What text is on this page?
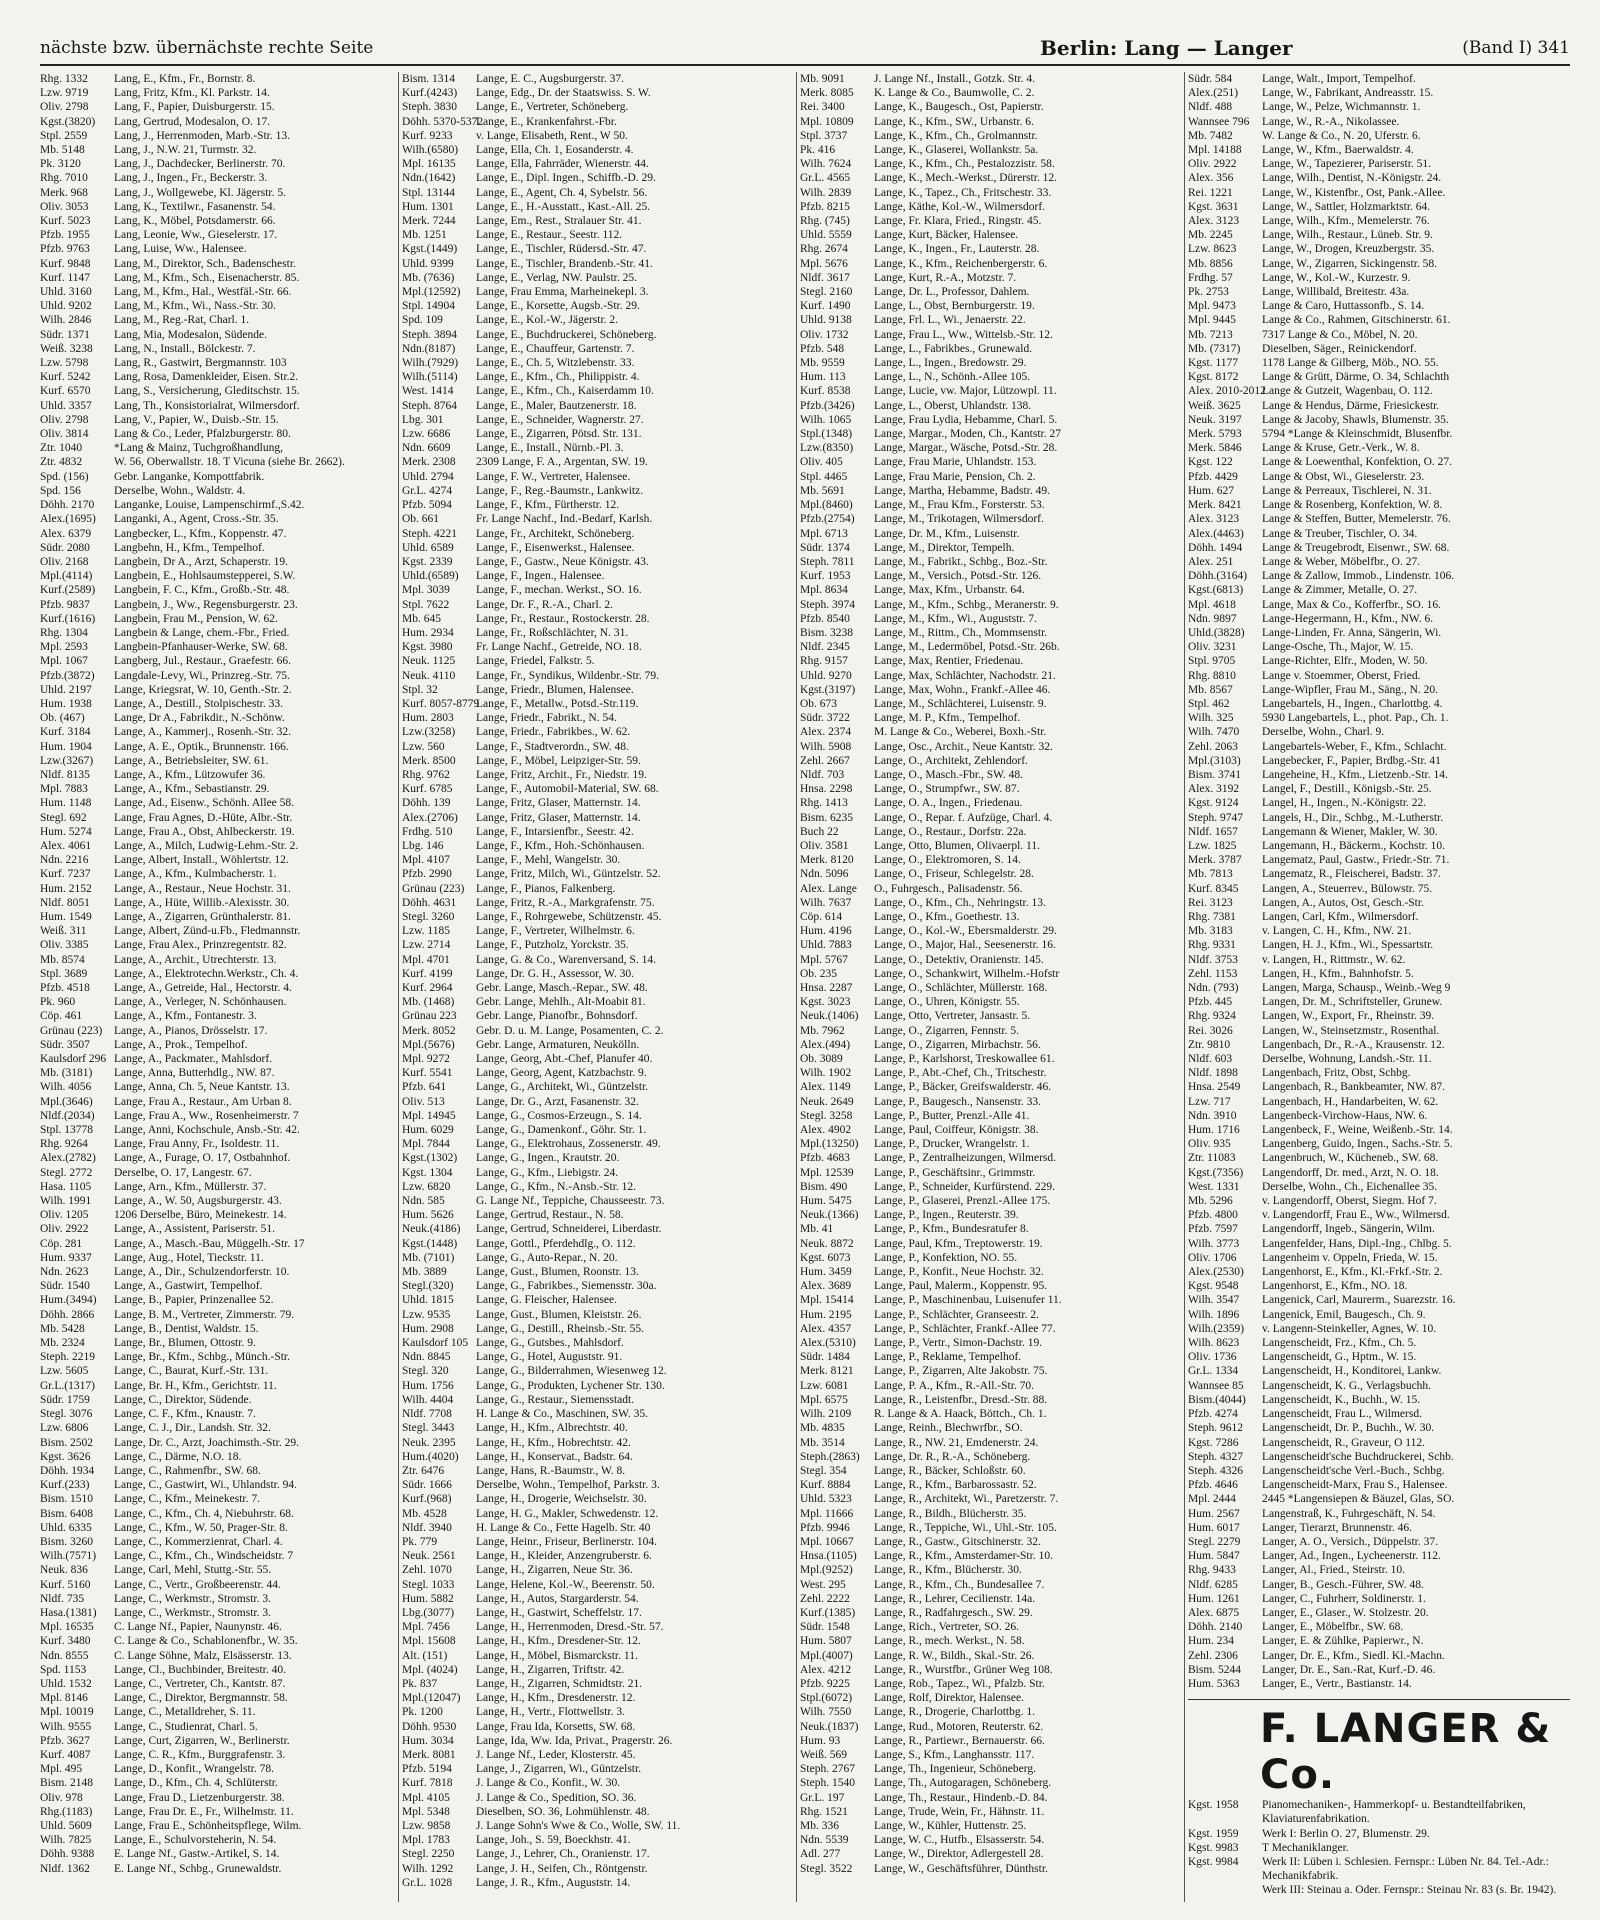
nächste bzw. übernächste rechte Seite	Berlin: Lang — Langer	(Band I) 341
Rhg. 1332	Lang, E., Kfm., Fr., Bornstr. 8.
Lzw. 9719	Lang, Fritz, Kfm., Kl. Parkstr. 14.
Oliv. 2798	Lang, F., Papier, Duisburgerstr. 15.
Kgst.(3820)	Lang, Gertrud, Modesalon, O. 17.
Stpl. 2559	Lang, J., Herrenmoden, Marb.-Str. 13.
Mb. 5148	Lang, J., N.W. 21, Turmstr. 32.
Pk. 3120	Lang, J., Dachdecker, Berlinerstr. 70.
Rhg. 7010	Lang, J., Ingen., Fr., Beckerstr. 3.
Merk. 968	Lang, J., Wollgewebe, Kl. Jägerstr. 5.
Oliv. 3053	Lang, K., Textilwr., Fasanenstr. 54.
Kurf. 5023	Lang, K., Möbel, Potsdamerstr. 66.
Pfzb. 1955	Lang, Leonie, Ww., Gieselerstr. 17.
Pfzb. 9763	Lang, Luise, Ww., Halensee.
Kurf. 9848	Lang, M., Direktor, Sch., Badenschestr.
Kurf. 1147	Lang, M., Kfm., Sch., Eisenacherstr. 85.
Uhld. 3160	Lang, M., Kfm., Hal., Westfäl.-Str. 66.
Uhld. 9202	Lang, M., Kfm., Wi., Nass.-Str. 30.
Wilh. 2846	Lang, M., Reg.-Rat, Charl. 1.
Südr. 1371	Lang, Mia, Modesalon, Südende.
Weiß. 3238	Lang, N., Install., Bölckestr. 7.
Lzw. 5798	Lang, R., Gastwirt, Bergmannstr. 103
Kurf. 5242	Lang, Rosa, Damenkleider, Eisen. Str.2.
Kurf. 6570	Lang, S., Versicherung, Gleditschstr. 15.
Uhld. 3357	Lang, Th., Konsistorialrat, Wilmersdorf.
Oliv. 2798	Lang, V., Papier, W., Duisb.-Str. 15.
Oliv. 3814	Lang & Co., Leder, Pfalzburgerstr. 80.
Ztr. 1040	*Lang & Mainz, Tuchgroßhandlung,
Ztr. 4832	W. 56, Oberwallstr. 18. T Vicuna (siehe Br. 2662).
Spd. (156)	Gebr. Langanke, Kompottfabrik.
Spd. 156	Derselbe, Wohn., Waldstr. 4.
Döhh. 2170	Langanke, Louise, Lampenschirmf.,S.42.
Alex.(1695)	Langanki, A., Agent, Cross.-Str. 35.
Alex. 6379	Langbecker, L., Kfm., Koppenstr. 47.
Südr. 2080	Langbehn, H., Kfm., Tempelhof.
Oliv. 2168	Langbein, Dr A., Arzt, Schaperstr. 19.
Mpl.(4114)	Langbein, E., Hohlsaumstepperei, S.W.
Kurf.(2589)	Langbein, F. C., Kfm., Großb.-Str. 48.
Pfzb. 9837	Langbein, J., Ww., Regensburgerstr. 23.
Kurf.(1616)	Langbein, Frau M., Pension, W. 62.
Rhg. 1304	Langbein & Lange, chem.-Fbr., Fried.
Mpl. 2593	Langbein-Pfanhauser-Werke, SW. 68.
Mpl. 1067	Langberg, Jul., Restaur., Graefestr. 66.
Pfzb.(3872)	Langdale-Levy, Wi., Prinzreg.-Str. 75.
Uhld. 2197	Lange, Kriegsrat, W. 10, Genth.-Str. 2.
Hum. 1938	Lange, A., Destill., Stolpischestr. 33.
Ob. (467)	Lange, Dr A., Fabrikdir., N.-Schönw.
Kurf. 3184	Lange, A., Kammerj., Rosenh.-Str. 32.
Hum. 1904	Lange, A. E., Optik., Brunnenstr. 166.
Lzw.(3267)	Lange, A., Betriebsleiter, SW. 61.
Nldf. 8135	Lange, A., Kfm., Lützowufer 36.
Mpl. 7883	Lange, A., Kfm., Sebastianstr. 29.
Hum. 1148	Lange, Ad., Eisenw., Schönh. Allee 58.
Stegl. 692	Lange, Frau Agnes, D.-Hüte, Albr.-Str.
Hum. 5274	Lange, Frau A., Obst, Ahlbeckerstr. 19.
Alex. 4061	Lange, A., Milch, Ludwig-Lehm.-Str. 2.
Ndn. 2216	Lange, Albert, Install., Wöhlertstr. 12.
Kurf. 7237	Lange, A., Kfm., Kulmbacherstr. 1.
Hum. 2152	Lange, A., Restaur., Neue Hochstr. 31.
Nldf. 8051	Lange, A., Hüte, Willib.-Alexisstr. 30.
Hum. 1549	Lange, A., Zigarren, Grünthalerstr. 81.
Weiß. 311	Lange, Albert, Zünd-u.Fb., Fledmannstr.
Oliv. 3385	Lange, Frau Alex., Prinzregentstr. 82.
Mb. 8574	Lange, A., Archit., Utrechterstr. 13.
Stpl. 3689	Lange, A., Elektrotechn.Werkstr., Ch. 4.
Pfzb. 4518	Lange, A., Getreide, Hal., Hectorstr. 4.
Pk. 960	Lange, A., Verleger, N. Schönhausen.
Cöp. 461	Lange, A., Kfm., Fontanestr. 3.
Grünau (223)	Lange, A., Pianos, Drösselstr. 17.
Südr. 3507	Lange, A., Prok., Tempelhof.
Kaulsdorf 296 Lange, A., Packmater., Mahlsdorf.
Mb. (3181)	Lange, Anna, Butterhdlg., NW. 87.
Wilh. 4056	Lange, Anna, Ch. 5, Neue Kantstr. 13.
Mpl.(3646)	Lange, Frau A., Restaur., Am Urban 8.
Nldf.(2034)	Lange, Frau A., Ww., Rosenheimerstr. 7
Stpl. 13778	Lange, Anni, Kochschule, Ansb.-Str. 42.
Rhg. 9264	Lange, Frau Anny, Fr., Isoldestr. 11.
Alex.(2782)	Lange, A., Furage, O. 17, Ostbahnhof.
Stegl. 2772	Derselbe, O. 17, Langestr. 67.
Hasa. 1105	Lange, Arn., Kfm., Müllerstr. 37.
Wilh. 1991	Lange, A., W. 50, Augsburgerstr. 43.
Oliv. 1205	1206 Derselbe, Büro, Meinekestr. 14.
Oliv. 2922	Lange, A., Assistent, Pariserstr. 51.
Cöp. 281	Lange, A., Masch.-Bau, Müggelh.-Str. 17
Hum. 9337	Lange, Aug., Hotel, Tieckstr. 11.
Ndn. 2623	Lange, A., Dir., Schulzendorferstr. 10.
Südr. 1540	Lange, A., Gastwirt, Tempelhof.
Hum.(3494)	Lange, B., Papier, Prinzenallee 52.
Döhh. 2866	Lange, B. M., Vertreter, Zimmerstr. 79.
Mb. 5428	Lange, B., Dentist, Waldstr. 15.
Mb. 2324	Lange, Br., Blumen, Ottostr. 9.
Steph. 2219	Lange, Br., Kfm., Schbg., Münch.-Str.
Lzw. 5605	Lange, C., Baurat, Kurf.-Str. 131.
Gr.L.(1317)	Lange, Br. H., Kfm., Gerichtstr. 11.
Südr. 1759	Lange, C., Direktor, Südende.
Stegl. 3076	Lange, C. F., Kfm., Knaustr. 7.
Lzw. 6806	Lange, C. J., Dir., Landsh. Str. 32.
Bism. 2502	Lange, Dr. C., Arzt, Joachimsth.-Str. 29.
Kgst. 3626	Lange, C., Därme, N.O. 18.
Döhh. 1934	Lange, C., Rahmenfbr., SW. 68.
Kurf.(233)	Lange, C., Gastwirt, Wi., Uhlandstr. 94.
Bism. 1510	Lange, C., Kfm., Meinekestr. 7.
Bism. 6408	Lange, C., Kfm., Ch. 4, Niebuhrstr. 68.
Uhld. 6335	Lange, C., Kfm., W. 50, Prager-Str. 8.
Bism. 3260	Lange, C., Kommerzienrat, Charl. 4.
Wilh.(7571)	Lange, C., Kfm., Ch., Windscheidstr. 7
Neuk. 836	Lange, Carl, Mehl, Stuttg.-Str. 55.
Kurf. 5160	Lange, C., Vertr., Großbeerenstr. 44.
Nldf. 735	Lange, C., Werkmstr., Stromstr. 3.
Hasa.(1381)	Lange, C., Werkmstr., Stromstr. 3.
Mpl. 16535	C. Lange Nf., Papier, Naunynstr. 46.
Kurf. 3480	C. Lange & Co., Schablonenfbr., W. 35.
Ndn. 8555	C. Lange Söhne, Malz, Elsässerstr. 13.
Spd. 1153	Lange, Cl., Buchbinder, Breitestr. 40.
Uhld. 1532	Lange, C., Vertreter, Ch., Kantstr. 87.
Mpl. 8146	Lange, C., Direktor, Bergmannstr. 58.
Mpl. 10019	Lange, C., Metalldreher, S. 11.
Wilh. 9555	Lange, C., Studienrat, Charl. 5.
Pfzb. 3627	Lange, Curt, Zigarren, W., Berlinerstr.
Kurf. 4087	Lange, C. R., Kfm., Burggrafenstr. 3.
Mpl. 495	Lange, D., Konfit., Wrangelstr. 78.
Bism. 2148	Lange, D., Kfm., Ch. 4, Schlüterstr.
Oliv. 978	Lange, Frau D., Lietzenburgerstr. 38.
Rhg.(1183)	Lange, Frau Dr. E., Fr., Wilhelmstr. 11.
Uhld. 5609	Lange, Frau E., Schönheitspflege, Wilm.
Wilh. 7825	Lange, E., Schulvorsteherin, N. 54.
Döhh. 9388	E. Lange Nf., Gastw.-Artikel, S. 14.
Nldf. 1362	E. Lange Nf., Schbg., Grunewaldstr.
Bism. 1314	Lange, E. C., Augsburgerstr. 37.
Kurf.(4243)	Lange, Edg., Dr. der Staatswiss. S. W.
Steph. 3830	Lange, E., Vertreter, Schöneberg.
Döhh. 5370-5372
Lange, E., Krankenfahrst.-Fbr.
Kurf. 9233	v. Lange, Elisabeth, Rent., W 50.
Wilh.(6580)	Lange, Ella, Ch. 1, Eosanderstr. 4.
Mpl. 16135	Lange, Ella, Fahrräder, Wienerstr. 44.
Ndn.(1642)	Lange, E., Dipl. Ingen., Schiffb.-D. 29.
Stpl. 13144	Lange, E., Agent, Ch. 4, Sybelstr. 56.
Hum. 1301	Lange, E., H.-Ausstatt., Kast.-All. 25.
Merk. 7244	Lange, Em., Rest., Stralauer Str. 41.
Mb. 1251	Lange, E., Restaur., Seestr. 112.
Kgst.(1449)	Lange, E., Tischler, Rüdersd.-Str. 47.
Uhld. 9399	Lange, E., Tischler, Brandenb.-Str. 41.
Mb. (7636)	Lange, E., Verlag, NW. Paulstr. 25.
Mpl.(12592)	Lange, Frau Emma, Marheinekepl. 3.
Stpl. 14904	Lange, E., Korsette, Augsb.-Str. 29.
Spd. 109	Lange, E., Kol.-W., Jägerstr. 2.
Steph. 3894	Lange, E., Buchdruckerei, Schöneberg.
Ndn.(8187)	Lange, E., Chauffeur, Gartenstr. 7.
Wilh.(7929)	Lange, E., Ch. 5, Witzlebenstr. 33.
Wilh.(5114)	Lange, E., Kfm., Ch., Philippistr. 4.
West. 1414	Lange, E., Kfm., Ch., Kaiserdamm 10.
Steph. 8764	Lange, E., Maler, Bautzenerstr. 18.
Lbg. 301	Lange, E., Schneider, Wagnerstr. 27.
Lzw. 6686	Lange, E., Zigarren, Pötsd. Str. 131.
Ndn. 6609	Lange, E., Install., Nürnb.-Pl. 3.
Merk. 2308	2309 Lange, F. A., Argentan, SW. 19.
Uhld. 2794	Lange, F. W., Vertreter, Halensee.
Gr.L. 4274	Lange, F., Reg.-Baumstr., Lankwitz.
Pfzb. 5094	Lange, F., Kfm., Fürtherstr. 12.
Ob. 661	Fr. Lange Nachf., Ind.-Bedarf, Karlsh.
Steph. 4221	Lange, Fr., Architekt, Schöneberg.
Uhld. 6589	Lange, F., Eisenwerkst., Halensee.
Kgst. 2339	Lange, F., Gastw., Neue Königstr. 43.
Uhld.(6589)	Lange, F., Ingen., Halensee.
Mpl. 3039	Lange, F., mechan. Werkst., SO. 16.
Stpl. 7622	Lange, Dr. F., R.-A., Charl. 2.
Mb. 645	Lange, Fr., Restaur., Rostockerstr. 28.
Hum. 2934	Lange, Fr., Roßschlächter, N. 31.
Kgst. 3980	Fr. Lange Nachf., Getreide, NO. 18.
Neuk. 1125	Lange, Friedel, Falkstr. 5.
Neuk. 4110	Lange, Fr., Syndikus, Wildenbr.-Str. 79.
Stpl. 32	Lange, Friedr., Blumen, Halensee.
Kurf. 8057-8779
Lange, F., Metallw., Potsd.-Str.119.
Hum. 2803	Lange, Friedr., Fabrikt., N. 54.
Lzw.(3258)	Lange, Friedr., Fabrikbes., W. 62.
Lzw. 560	Lange, F., Stadtverordn., SW. 48.
Merk. 8500	Lange, F., Möbel, Leipziger-Str. 59.
Rhg. 9762	Lange, Fritz, Archit., Fr., Niedstr. 19.
Kurf. 6785	Lange, F., Automobil-Material, SW. 68.
Döhh. 139	Lange, Fritz, Glaser, Matternstr. 14.
Alex.(2706)	Lange, Fritz, Glaser, Matternstr. 14.
Frdhg. 510	Lange, F., Intarsienfbr., Seestr. 42.
Lbg. 146	Lange, F., Kfm., Hoh.-Schönhausen.
Mpl. 4107	Lange, F., Mehl, Wangelstr. 30.
Pfzb. 2990	Lange, Fritz, Milch, Wi., Güntzelstr. 52.
Grünau (223)	Lange, F., Pianos, Falkenberg.
Döhh. 4631	Lange, Fritz, R.-A., Markgrafenstr. 75.
Stegl. 3260	Lange, F., Rohrgewebe, Schützenstr. 45.
Lzw. 1185	Lange, F., Vertreter, Wilhelmstr. 6.
Lzw. 2714	Lange, F., Putzholz, Yorckstr. 35.
Mpl. 4701	Lange, G. & Co., Warenversand, S. 14.
Kurf. 4199	Lange, Dr. G. H., Assessor, W. 30.
Kurf. 2964	Gebr. Lange, Masch.-Repar., SW. 48.
Mb. (1468)	Gebr. Lange, Mehlh., Alt-Moabit 81.
Grünau 223	Gebr. Lange, Pianofbr., Bohnsdorf.
Merk. 8052	Gebr. D. u. M. Lange, Posamenten, C. 2.
Mpl.(5676)	Gebr. Lange, Armaturen, Neukölln.
Mpl. 9272	Lange, Georg, Abt.-Chef, Planufer 40.
Kurf. 5541	Lange, Georg, Agent, Katzbachstr. 9.
Pfzb. 641	Lange, G., Architekt, Wi., Güntzelstr.
Oliv. 513	Lange, Dr. G., Arzt, Fasanenstr. 32.
Mpl. 14945	Lange, G., Cosmos-Erzeugn., S. 14.
Hum. 6029	Lange, G., Damenkonf., Göhr. Str. 1.
Mpl. 7844	Lange, G., Elektrohaus, Zossenerstr. 49.
Kgst.(1302)	Lange, G., Ingen., Krautstr. 20.
Kgst. 1304	Lange, G., Kfm., Liebigstr. 24.
Lzw. 6820	Lange, G., Kfm., N.-Ansb.-Str. 12.
Ndn. 585	G. Lange Nf., Teppiche, Chausseestr. 73.
Hum. 5626	Lange, Gertrud, Restaur., N. 58.
Neuk.(4186)	Lange, Gertrud, Schneiderei, Liberdastr.
Kgst.(1448)	Lange, Gottl., Pferdehdlg., O. 112.
Mb. (7101)	Lange, G., Auto-Repar., N. 20.
Mb. 3889	Lange, Gust., Blumen, Roonstr. 13.
Stegl.(320)	Lange, G., Fabrikbes., Siemensstr. 30a.
Uhld. 1815	Lange, G. Fleischer, Halensee.
Lzw. 9535	Lange, Gust., Blumen, Kleiststr. 26.
Hum. 2908	Lange, G., Destill., Rheinsb.-Str. 55.
Kaulsdorf 105 Lange, G., Gutsbes., Mahlsdorf.
Ndn. 8845	Lange, G., Hotel, Auguststr. 91.
Stegl. 320	Lange, G., Bilderrahmen, Wiesenweg 12.
Hum. 1756	Lange, G., Produkten, Lychener Str. 130.
Wilh. 4404	Lange, G., Restaur., Siemensstadt.
Nldf. 7708	H. Lange & Co., Maschinen, SW. 35.
Stegl. 3443	Lange, H., Kfm., Albrechtstr. 40.
Neuk. 2395	Lange, H., Kfm., Hobrechtstr. 42.
Hum.(4020)	Lange, H., Konservat., Badstr. 64.
Ztr. 6476	Lange, Hans, R.-Baumstr., W. 8.
Südr. 1666	Derselbe, Wohn., Tempelhof, Parkstr. 3.
Kurf.(968)	Lange, H., Drogerie, Weichselstr. 30.
Mb. 4528	Lange, H. G., Makler, Schwedenstr. 12.
Nldf. 3940	H. Lange & Co., Fette Hagelb. Str. 40
Pk. 779	Lange, Heinr., Friseur, Berlinerstr. 104.
Neuk. 2561	Lange, H., Kleider, Anzengruberstr. 6.
Zehl. 1070	Lange, H., Zigarren, Neue Str. 36.
Stegl. 1033	Lange, Helene, Kol.-W., Beerenstr. 50.
Hum. 5882	Lange, H., Autos, Stargarderstr. 54.
Lbg.(3077)	Lange, H., Gastwirt, Scheffelstr. 17.
Mpl. 7456	Lange, H., Herrenmoden, Dresd.-Str. 57.
Mpl. 15608	Lange, H., Kfm., Dresdener-Str. 12.
Alt. (151)	Lange, H., Möbel, Bismarckstr. 11.
Mpl. (4024)	Lange, H., Zigarren, Triftstr. 42.
Pk. 837	Lange, H., Zigarren, Schmidtstr. 21.
Mpl.(12047)	Lange, H., Kfm., Dresdenerstr. 12.
Pk. 1200	Lange, H., Vertr., Flottwellstr. 3.
Döhh. 9530	Lange, Frau Ida, Korsetts, SW. 68.
Hum. 3034	Lange, Ida, Ww. Ida, Privat., Pragerstr. 26.
Merk. 8081	J. Lange Nf., Leder, Klosterstr. 45.
Pfzb. 5194	Lange, J., Zigarren, Wi., Güntzelstr.
Kurf. 7818	J. Lange & Co., Konfit., W. 30.
Mpl. 4105	J. Lange & Co., Spedition, SO. 36.
Mpl. 5348	Dieselben, SO. 36, Lohmühlenstr. 48.
Lzw. 9858	J. Lange Sohn's Wwe & Co., Wolle, SW. 11.
Mpl. 1783	Lange, Joh., S. 59, Boeckhstr. 41.
Stegl. 2250	Lange, J., Lehrer, Ch., Oranienstr. 17.
Wilh. 1292	Lange, J. H., Seifen, Ch., Röntgenstr.
Gr.L. 1028	Lange, J. R., Kfm., Auguststr. 14.
Mb. 9091	J. Lange Nf., Install., Gotzk. Str. 4.
Merk. 8085	K. Lange & Co., Baumwolle, C. 2.
Rei. 3400	Lange, K., Baugesch., Ost, Papierstr.
Mpl. 10809	Lange, K., Kfm., SW., Urbanstr. 6.
Stpl. 3737	Lange, K., Kfm., Ch., Grolmannstr.
Pk. 416	Lange, K., Glaserei, Wollankstr. 5a.
Wilh. 7624	Lange, K., Kfm., Ch., Pestalozzistr. 58.
Gr.L. 4565	Lange, K., Mech.-Werkst., Dürerstr. 12.
Wilh. 2839	Lange, K., Tapez., Ch., Fritschestr. 33.
Pfzb. 8215	Lange, Käthe, Kol.-W., Wilmersdorf.
Rhg. (745)	Lange, Fr. Klara, Fried., Ringstr. 45.
Uhld. 5559	Lange, Kurt, Bäcker, Halensee.
Rhg. 2674	Lange, K., Ingen., Fr., Lauterstr. 28.
Mpl. 5676	Lange, K., Kfm., Reichenbergerstr. 6.
Nldf. 3617	Lange, Kurt, R.-A., Motzstr. 7.
Stegl. 2160	Lange, Dr. L., Professor, Dahlem.
Kurf. 1490	Lange, L., Obst, Bernburgerstr. 19.
Uhld. 9138	Lange, Frl. L., Wi., Jenaerstr. 22.
Oliv. 1732	Lange, Frau L., Ww., Wittelsb.-Str. 12.
Pfzb. 548	Lange, L., Fabrikbes., Grunewald.
Mb. 9559	Lange, L., Ingen., Bredowstr. 29.
Hum. 113	Lange, L., N., Schönh.-Allee 105.
Kurf. 8538	Lange, Lucie, vw. Major, Lützowpl. 11.
Pfzb.(3426)	Lange, L., Oberst, Uhlandstr. 138.
Wilh. 1065	Lange, Frau Lydia, Hebamme, Charl. 5.
Stpl.(1348)	Lange, Margar., Moden, Ch., Kantstr. 27
Lzw.(8350)	Lange, Margar., Wäsche, Potsd.-Str. 28.
Oliv. 405	Lange, Frau Marie, Uhlandstr. 153.
Stpl. 4465	Lange, Frau Marie, Pension, Ch. 2.
Mb. 5691	Lange, Martha, Hebamme, Badstr. 49.
Mpl.(8460)	Lange, M., Frau Kfm., Forsterstr. 53.
Pfzb.(2754)	Lange, M., Trikotagen, Wilmersdorf.
Mpl. 6713	Lange, Dr. M., Kfm., Luisenstr.
Südr. 1374	Lange, M., Direktor, Tempelh.
Steph. 7811	Lange, M., Fabrikt., Schbg., Boz.-Str.
Kurf. 1953	Lange, M., Versich., Potsd.-Str. 126.
Mpl. 8634	Lange, Max, Kfm., Urbanstr. 64.
Steph. 3974	Lange, M., Kfm., Schbg., Meranerstr. 9.
Pfzb. 8540	Lange, M., Kfm., Wi., Auguststr. 7.
Bism. 3238	Lange, M., Rittm., Ch., Mommsenstr.
Nldf. 2345	Lange, M., Ledermöbel, Potsd.-Str. 26b.
Rhg. 9157	Lange, Max, Rentier, Friedenau.
Uhld. 9270	Lange, Max, Schlächter, Nachodstr. 21.
Kgst.(3197)	Lange, Max, Wohn., Frankf.-Allee 46.
Ob. 673	Lange, M., Schlächterei, Luisenstr. 9.
Südr. 3722	Lange, M. P., Kfm., Tempelhof.
Alex. 2374	M. Lange & Co., Weberei, Boxh.-Str.
Wilh. 5908	Lange, Osc., Archit., Neue Kantstr. 32.
Zehl. 2667	Lange, O., Architekt, Zehlendorf.
Nldf. 703	Lange, O., Masch.-Fbr., SW. 48.
Hnsa. 2298	Lange, O., Strumpfwr., SW. 87.
Rhg. 1413	Lange, O. A., Ingen., Friedenau.
Bism. 6235	Lange, O., Repar. f. Aufzüge, Charl. 4.
Buch 22	Lange, O., Restaur., Dorfstr. 22a.
Oliv. 3581	Lange, Otto, Blumen, Olivaerpl. 11.
Merk. 8120	Lange, O., Elektromoren, S. 14.
Ndn. 5096	Lange, O., Friseur, Schlegelstr. 28.
Alex. Lange	O., Fuhrgesch., Palisadenstr. 56.
Wilh. 7637	Lange, O., Kfm., Ch., Nehringstr. 13.
Cöp. 614	Lange, O., Kfm., Goethestr. 13.
Hum. 4196	Lange, O., Kol.-W., Ebersmalderstr. 29.
Uhld. 7883	Lange, O., Major, Hal., Seesenerstr. 16.
Mpl. 5767	Lange, O., Detektiv, Oranienstr. 145.
Ob. 235	Lange, O., Schankwirt, Wilhelm.-Hofstr
Hnsa. 2287	Lange, O., Schlächter, Müllerstr. 168.
Kgst. 3023	Lange, O., Uhren, Königstr. 55.
Neuk.(1406)	Lange, Otto, Vertreter, Jansastr. 5.
Mb. 7962	Lange, O., Zigarren, Fennstr. 5.
Alex.(494)	Lange, O., Zigarren, Mirbachstr. 56.
Ob. 3089	Lange, P., Karlshorst, Treskowallee 61.
Wilh. 1902	Lange, P., Abt.-Chef, Ch., Tritschestr.
Alex. 1149	Lange, P., Bäcker, Greifswalderstr. 46.
Neuk. 2649	Lange, P., Baugesch., Nansenstr. 33.
Stegl. 3258	Lange, P., Butter, Prenzl.-Alle 41.
Alex. 4902	Lange, Paul, Coiffeur, Königstr. 38.
Mpl.(13250)	Lange, P., Drucker, Wrangelstr. 1.
Pfzb. 4683	Lange, P., Zentralheizungen, Wilmersd.
Mpl. 12539	Lange, P., Geschäftsinr., Grimmstr.
Bism. 490	Lange, P., Schneider, Kurfürstend. 229.
Hum. 5475	Lange, P., Glaserei, Prenzl.-Allee 175.
Neuk.(1366)	Lange, P., Ingen., Reuterstr. 39.
Mb. 41	Lange, P., Kfm., Bundesratufer 8.
Neuk. 8872	Lange, Paul, Kfm., Treptowerstr. 19.
Kgst. 6073	Lange, P., Konfektion, NO. 55.
Hum. 3459	Lange, P., Konfit., Neue Hochstr. 32.
Alex. 3689	Lange, Paul, Malerm., Koppenstr. 95.
Mpl. 15414	Lange, P., Maschinenbau, Luisenufer 11.
Hum. 2195	Lange, P., Schlächter, Granseestr. 2.
Alex. 4357	Lange, P., Schlächter, Frankf.-Allee 77.
Alex.(5310)	Lange, P., Vertr., Simon-Dachstr. 19.
Südr. 1484	Lange, P., Reklame, Tempelhof.
Merk. 8121	Lange, P., Zigarren, Alte Jakobstr. 75.
Lzw. 6081	Lange, P. A., Kfm., R.-All.-Str. 70.
Mpl. 6575	Lange, R., Leistenfbr., Dresd.-Str. 88.
Wilh. 2109	R. Lange & A. Haack, Böttch., Ch. 1.
Mb. 4835	Lange, Reinh., Blechwrfbr., SO.
Mb. 3514	Lange, R., NW. 21, Emdenerstr. 24.
Steph.(2863)	Lange, Dr. R., R.-A., Schöneberg.
Stegl. 354	Lange, R., Bäcker, Schloßstr. 60.
Kurf. 8884	Lange, R., Kfm., Barbarossastr. 52.
Uhld. 5323	Lange, R., Architekt, Wi., Paretzerstr. 7.
Mpl. 11666	Lange, R., Bildh., Blücherstr. 35.
Pfzb. 9946	Lange, R., Teppiche, Wi., Uhl.-Str. 105.
Mpl. 10667	Lange, R., Gastw., Gitschinerstr. 32.
Hnsa.(1105)	Lange, R., Kfm., Amsterdamer-Str. 10.
Mpl.(9252)	Lange, R., Kfm., Blücherstr. 30.
West. 295	Lange, R., Kfm., Ch., Bundesallee 7.
Zehl. 2222	Lange, R., Lehrer, Cecilienstr. 14a.
Kurf.(1385)	Lange, R., Radfahrgesch., SW. 29.
Südr. 1548	Lange, Rich., Vertreter, SO. 26.
Hum. 5807	Lange, R., mech. Werkst., N. 58.
Mpl.(4007)	Lange, R. W., Bildh., Skal.-Str. 26.
Alex. 4212	Lange, R., Wurstfbr., Grüner Weg 108.
Pfzb. 9225	Lange, Rob., Tapez., Wi., Pfalzb. Str.
Stpl.(6072)	Lange, Rolf, Direktor, Halensee.
Wilh. 7550	Lange, R., Drogerie, Charlottbg. 1.
Neuk.(1837)	Lange, Rud., Motoren, Reuterstr. 62.
Hum. 93	Lange, R., Partiewr., Bernauerstr. 66.
Weiß. 569	Lange, S., Kfm., Langhansstr. 117.
Steph. 2767	Lange, Th., Ingenieur, Schöneberg.
Steph. 1540	Lange, Th., Autogaragen, Schöneberg.
Gr.L. 197	Lange, Th., Restaur., Hindenb.-D. 84.
Rhg. 1521	Lange, Trude, Wein, Fr., Hähnstr. 11.
Mb. 336	Lange, W., Kühler, Huttenstr. 25.
Ndn. 5539	Lange, W. C., Hutfb., Elsasserstr. 54.
Adl. 277	Lange, W., Direktor, Adlergestell 28.
Stegl. 3522	Lange, W., Geschäftsführer, Dünthstr.
Südr. 584	Lange, Walt., Import, Tempelhof.
Alex.(251)	Lange, W., Fabrikant, Andreasstr. 15.
Nldf. 488	Lange, W., Pelze, Wichmannstr. 1.
Wannsee 796	Lange, W., R.-A., Nikolassee.
Mb. 7482	W. Lange & Co., N. 20, Uferstr. 6.
Mpl. 14188	Lange, W., Kfm., Baerwaldstr. 4.
Oliv. 2922	Lange, W., Tapezierer, Pariserstr. 51.
Alex. 356	Lange, Wilh., Dentist, N.-Königstr. 24.
Rei. 1221	Lange, W., Kistenfbr., Ost, Pank.-Allee.
Kgst. 3631	Lange, W., Sattler, Holzmarktstr. 64.
Alex. 3123	Lange, Wilh., Kfm., Memelerstr. 76.
Mb. 2245	Lange, Wilh., Restaur., Lüneb. Str. 9.
Lzw. 8623	Lange, W., Drogen, Kreuzbergstr. 35.
Mb. 8856	Lange, W., Zigarren, Sickingenstr. 58.
Frdhg. 57	Lange, W., Kol.-W., Kurzestr. 9.
Pk. 2753	Lange, Willibald, Breitestr. 43a.
Mpl. 9473	Lange & Caro, Huttassonfb., S. 14.
Mpl. 9445	Lange & Co., Rahmen, Gitschinerstr. 61.
Mb. 7213	7317 Lange & Co., Möbel, N. 20.
Mb. (7317)	Dieselben, Säger., Reinickendorf.
Kgst. 1177	1178 Lange & Gilberg, Möb., NO. 55.
Kgst. 8172	Lange & Grütt, Därme, O. 34, Schlachth
Alex. 2010-2012
Lange & Gutzeit, Wagenbau, O. 112.
Weiß. 3625	Lange & Hendus, Därme, Friesickestr.
Neuk. 3197	Lange & Jacoby, Shawls, Blumenstr. 35.
Merk. 5793	5794 *Lange & Kleinschmidt, Blusenfbr.
Merk. 5846	Lange & Kruse, Getr.-Verk., W. 8.
Kgst. 122	Lange & Loewenthal, Konfektion, O. 27.
Pfzb. 4429	Lange & Obst, Wi., Gieselerstr. 23.
Hum. 627	Lange & Perreaux, Tischlerei, N. 31.
Merk. 8421	Lange & Rosenberg, Konfektion, W. 8.
Alex. 3123	Lange & Steffen, Butter, Memelerstr. 76.
Alex.(4463)	Lange & Treuber, Tischler, O. 34.
Döhh. 1494	Lange & Treugebrodt, Eisenwr., SW. 68.
Alex. 251	Lange & Weber, Möbelfbr., O. 27.
Döhh.(3164)	Lange & Zallow, Immob., Lindenstr. 106.
Kgst.(6813)	Lange & Zimmer, Metalle, O. 27.
Mpl. 4618	Lange, Max & Co., Kofferfbr., SO. 16.
Ndn. 9897	Lange-Hegermann, H., Kfm., NW. 6.
Uhld.(3828)	Lange-Linden, Fr. Anna, Sängerin, Wi.
Oliv. 3231	Lange-Osche, Th., Major, W. 15.
Stpl. 9705	Lange-Richter, Elfr., Moden, W. 50.
Rhg. 8810	Lange v. Stoemmer, Oberst, Fried.
Mb. 8567	Lange-Wipfler, Frau M., Säng., N. 20.
Stpl. 462	Langebartels, H., Ingen., Charlottbg. 4.
Wilh. 325	5930 Langebartels, L., phot. Pap., Ch. 1.
Wilh. 7470	Derselbe, Wohn., Charl. 9.
Zehl. 2063	Langebartels-Weber, F., Kfm., Schlacht.
Mpl.(3103)	Langebecker, F., Papier, Brdbg.-Str. 41
Bism. 3741	Langeheine, H., Kfm., Lietzenb.-Str. 14.
Alex. 3192	Langel, F., Destill., Königsb.-Str. 25.
Kgst. 9124	Langel, H., Ingen., N.-Königstr. 22.
Steph. 9747	Langels, H., Dir., Schbg., M.-Lutherstr.
Nldf. 1657	Langemann & Wiener, Makler, W. 30.
Lzw. 1825	Langemann, H., Bäckerm., Kochstr. 10.
Merk. 3787	Langematz, Paul, Gastw., Friedr.-Str. 71.
Mb. 7813	Langematz, R., Fleischerei, Badstr. 37.
Kurf. 8345	Langen, A., Steuerrev., Bülowstr. 75.
Rei. 3123	Langen, A., Autos, Ost, Gesch.-Str.
Rhg. 7381	Langen, Carl, Kfm., Wilmersdorf.
Mb. 3183	v. Langen, C. H., Kfm., NW. 21.
Rhg. 9331	Langen, H. J., Kfm., Wi., Spessartstr.
Nldf. 3753	v. Langen, H., Rittmstr., W. 62.
Zehl. 1153	Langen, H., Kfm., Bahnhofstr. 5.
Ndn. (793)	Langen, Marga, Schausp., Weinb.-Weg 9
Pfzb. 445	Langen, Dr. M., Schriftsteller, Grunew.
Rhg. 9324	Langen, W., Export, Fr., Rheinstr. 39.
Rei. 3026	Langen, W., Steinsetzmstr., Rosenthal.
Ztr. 9810	Langenbach, Dr., R.-A., Krausenstr. 12.
Nldf. 603	Derselbe, Wohnung, Landsh.-Str. 11.
Nldf. 1898	Langenbach, Fritz, Obst, Schbg.
Hnsa. 2549	Langenbach, R., Bankbeamter, NW. 87.
Lzw. 717	Langenbach, H., Handarbeiten, W. 62.
Ndn. 3910	Langenbeck-Virchow-Haus, NW. 6.
Hum. 1716	Langenbeck, F., Weine, Weißenb.-Str. 14.
Oliv. 935	Langenberg, Guido, Ingen., Sachs.-Str. 5.
Ztr. 11083	Langenbruch, W., Kücheneb., SW. 68.
Kgst.(7356)	Langendorff, Dr. med., Arzt, N. O. 18.
West. 1331	Derselbe, Wohn., Ch., Eichenallee 35.
Mb. 5296	v. Langendorff, Oberst, Siegm. Hof 7.
Pfzb. 4800	v. Langendorff, Frau E., Ww., Wilmersd.
Pfzb. 7597	Langendorff, Ingeb., Sängerin, Wilm.
Wilh. 3773	Langenfelder, Hans, Dipl.-Ing., Chlbg. 5.
Oliv. 1706	Langenheim v. Oppeln, Frieda, W. 15.
Alex.(2530)	Langenhorst, E., Kfm., Kl.-Frkf.-Str. 2.
Kgst. 9548	Langenhorst, E., Kfm., NO. 18.
Wilh. 3547	Langenick, Carl, Maurerm., Suarezstr. 16.
Wilh. 1896	Langenick, Emil, Baugesch., Ch. 9.
Wilh.(2359)	v. Langenn-Steinkeller, Agnes, W. 10.
Wilh. 8623	Langenscheidt, Frz., Kfm., Ch. 5.
Oliv. 1736	Langenscheidt, G., Hptm., W. 15.
Gr.L. 1334	Langenscheidt, H., Konditorei, Lankw.
Wannsee 85	Langenscheidt, K. G., Verlagsbuchh.
Bism.(4044)	Langenscheidt, K., Buchh., W. 15.
Pfzb. 4274	Langenscheidt, Frau L., Wilmersd.
Steph. 9612	Langenscheidt, Dr. P., Buchh., W. 30.
Kgst. 7286	Langenscheidt, R., Graveur, O 112.
Steph. 4327	Langenscheidt'sche Buchdruckerei, Schb.
Steph. 4326	Langenscheidt'sche Verl.-Buch., Schbg.
Pfzb. 4646	Langenscheidt-Marx, Frau S., Halensee.
Mpl. 2444	2445 *Langensiepen & Bäuzel, Glas, SO.
Hum. 2567	Langenstraß, K., Fuhrgeschäft, N. 54.
Hum. 6017	Langer, Tierarzt, Brunnenstr. 46.
Stegl. 2279	Langer, A. O., Versich., Düppelstr. 37.
Hum. 5847	Langer, Ad., Ingen., Lycheenerstr. 112.
Rhg. 9433	Langer, Al., Fried., Steirstr. 10.
Nldf. 6285	Langer, B., Gesch.-Führer, SW. 48.
Hum. 1261	Langer, C., Fuhrherr, Soldinerstr. 1.
Alex. 6875	Langer, E., Glaser., W. Stolzestr. 20.
Döhh. 2140	Langer, E., Möbelfbr., SW. 68.
Hum. 234	Langer, E. & Zühlke, Papierwr., N.
Zehl. 2306	Langer, Dr. E., Kfm., Siedl. Kl.-Machn.
Bism. 5244	Langer, Dr. E., San.-Rat, Kurf.-D. 46.
Hum. 5363	Langer, E., Vertr., Bastianstr. 14.
F. LANGER & Co.
Kgst. 1958	Pianomechaniken-, Hammerkopf- u. Bestandteilfabriken, Klaviaturenfabrikation.
Kgst. 1959	Werk I: Berlin O. 27, Blumenstr. 29.
Kgst. 9983	T Mechaniklanger.
Kgst. 9984	Werk II: Lüben i. Schlesien. Fernspr.: Lüben Nr. 84. Tel.-Adr.: Mechanikfabrik.
Werk III: Steinau a. Oder. Fernspr.: Steinau Nr. 83 (s. Br. 1942).
